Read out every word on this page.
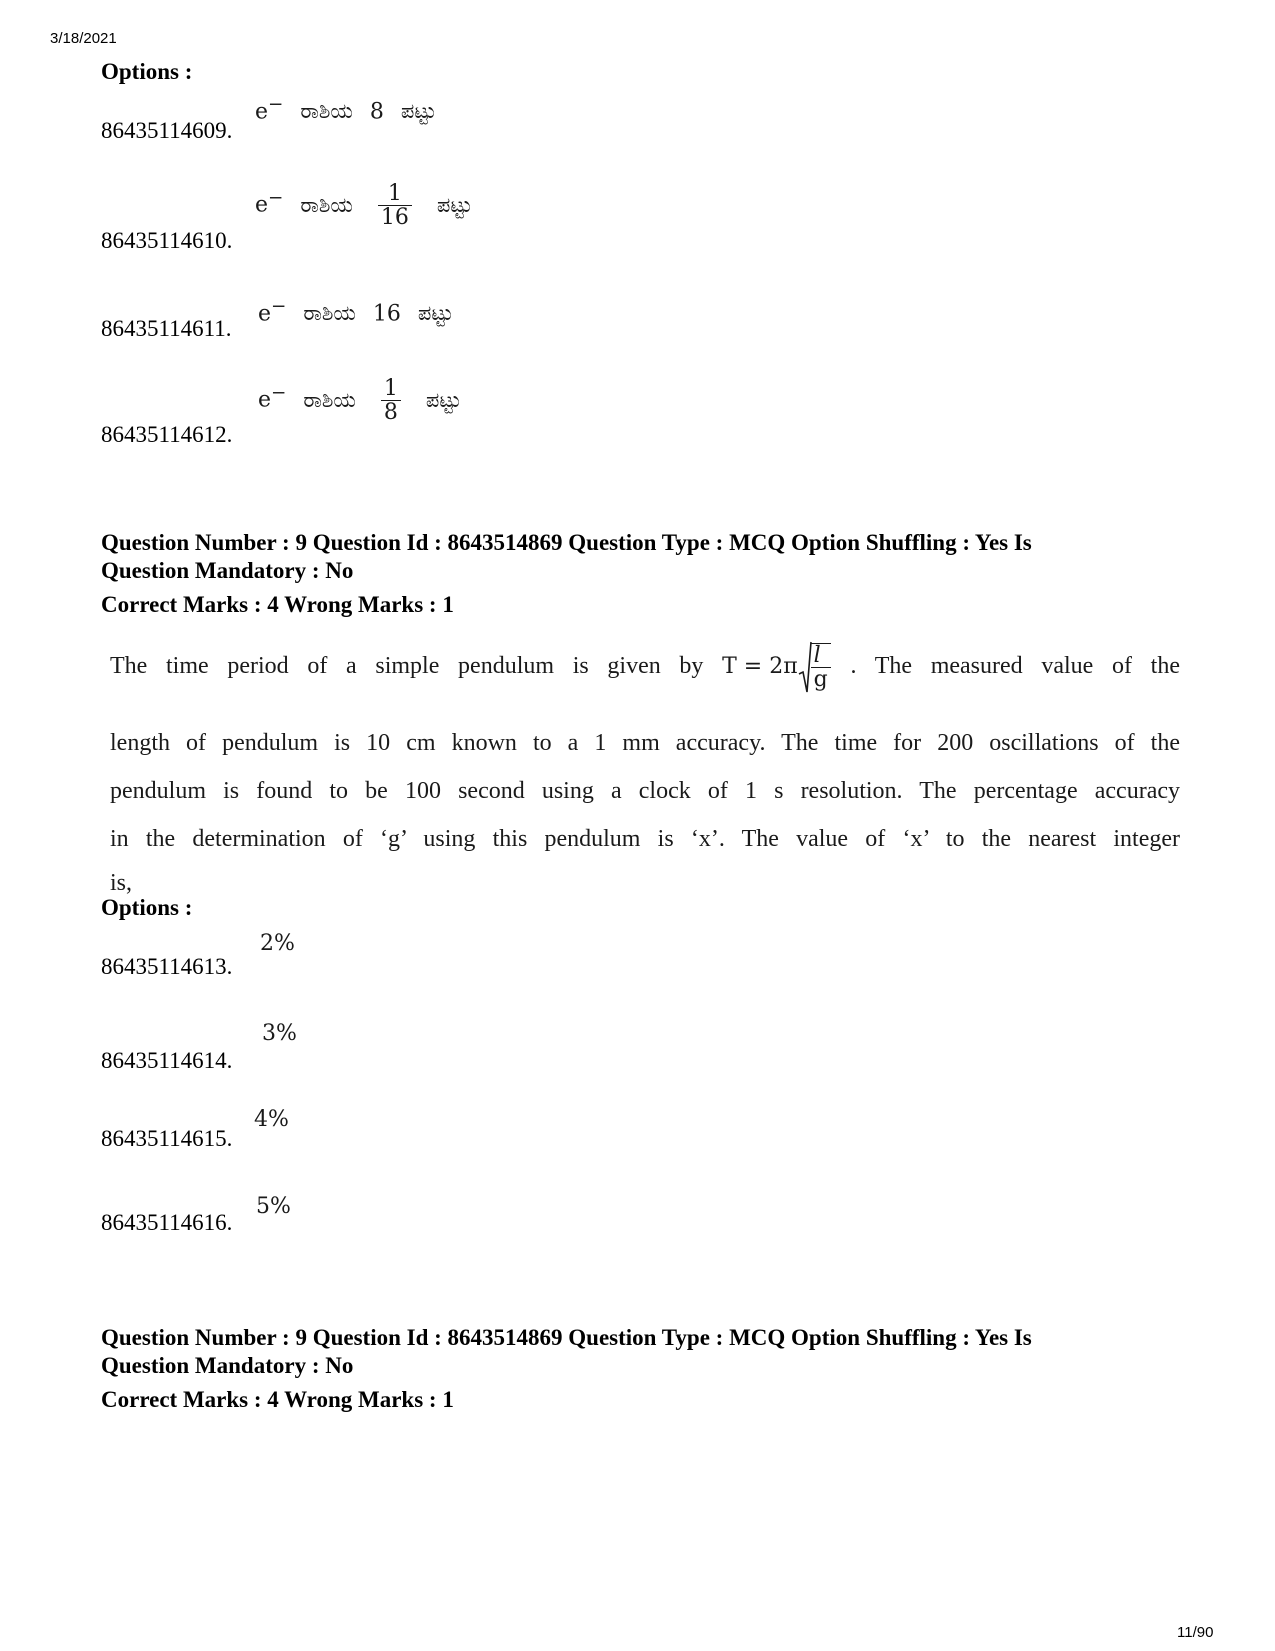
3/18/2021
11/90
Options :
86435114609.
e− ರಾಶಿಯ 8 ಪಟ್ಟು
86435114610.
e− ರಾಶಿಯ $\frac{1}{16}$ ಪಟ್ಟು
86435114611.
e− ರಾಶಿಯ 16 ಪಟ್ಟು
86435114612.
e− ರಾಶಿಯ $\frac{1}{8}$ ಪಟ್ಟು
Question Number : 9 Question Id : 8643514869 Question Type : MCQ Option Shuffling : Yes Is
Question Mandatory : No
Correct Marks : 4 Wrong Marks : 1

The time period of a simple pendulum is given by $T = 2\pi \frac{l}{g}$ . The measured value of the

length of pendulum is 10 cm known to a 1 mm accuracy. The time for 200 oscillations of the

pendulum is found to be 100 second using a clock of 1 s resolution. The percentage accuracy

in the determination of ‘g’ using this pendulum is ‘x’. The value of ‘x’ to the nearest integer

is,

Options :
86435114613.
2%
86435114614.
3%
86435114615.
4%
86435114616.
5%
Question Number : 9 Question Id : 8643514869 Question Type : MCQ Option Shuffling : Yes Is
Question Mandatory : No
Correct Marks : 4 Wrong Marks : 1
